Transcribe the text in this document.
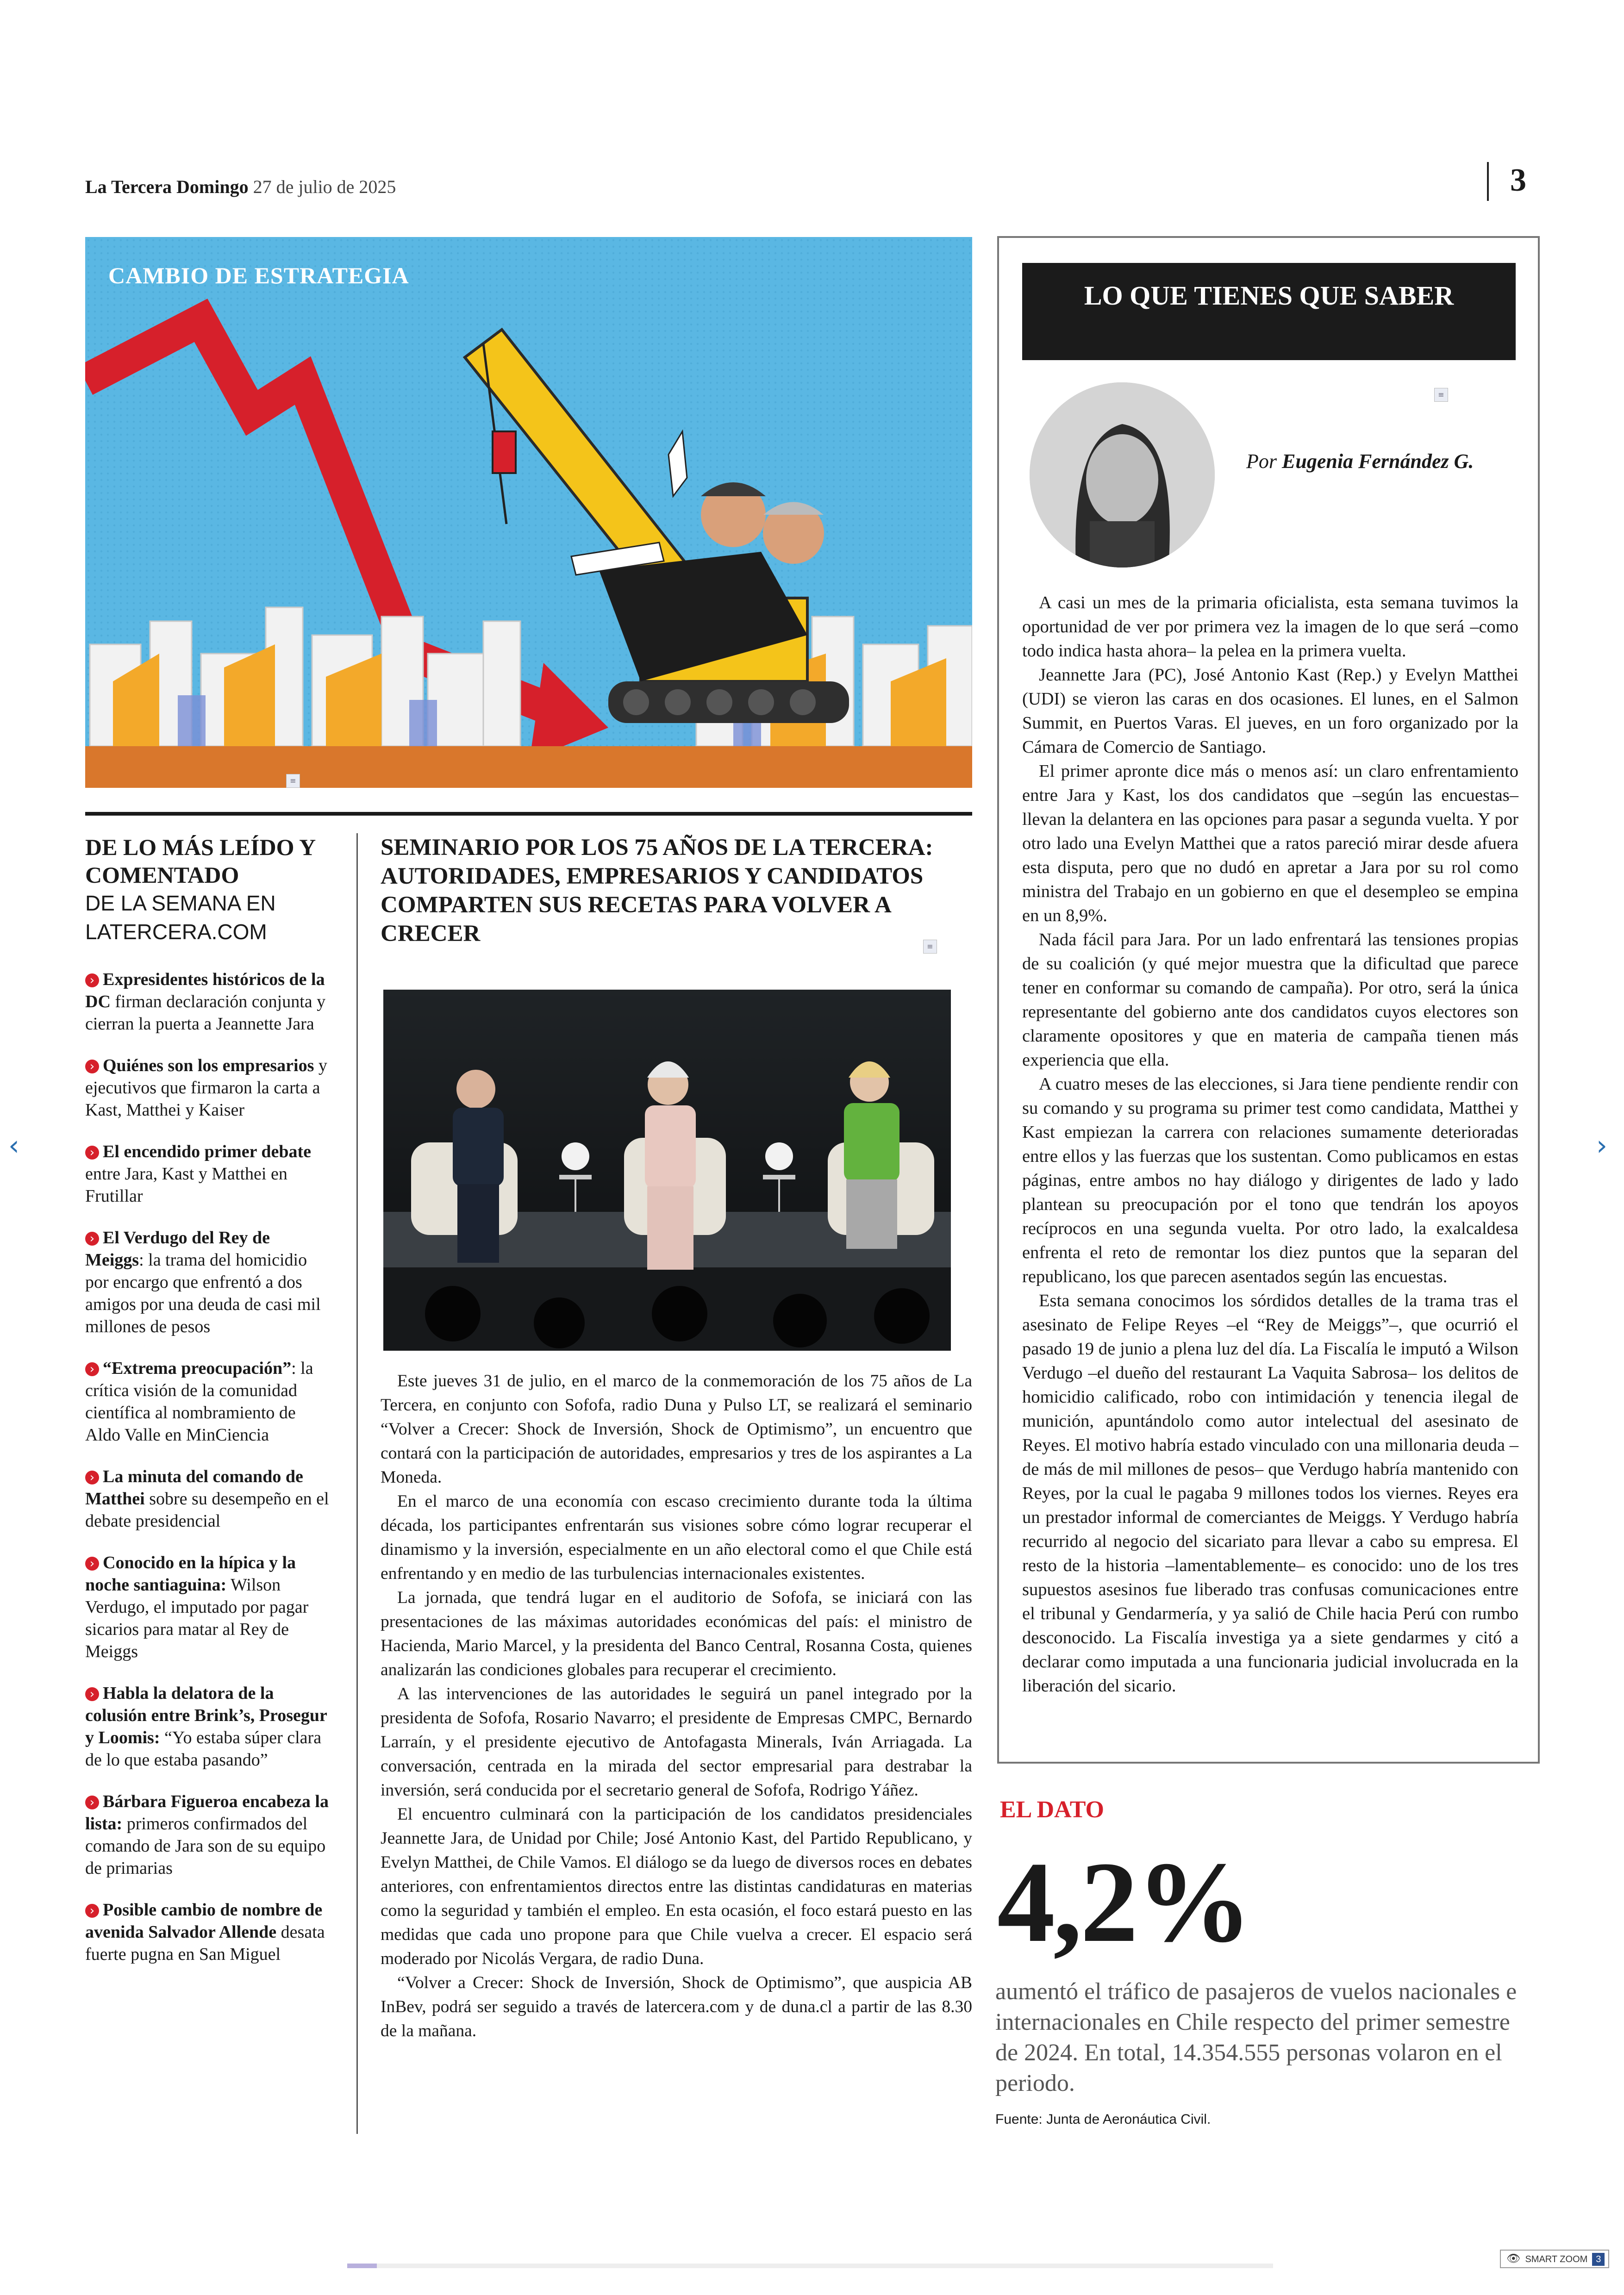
La Tercera Domingo 27 de julio de 2025	3
CAMBIO DE ESTRATEGIA
≡
DE LO MÁS LEÍDO Y COMENTADO
DE LA SEMANA EN LATERCERA.COM
› Expresidentes históricos de la DC firman declaración conjunta y cierran la puerta a Jeannette Jara
› Quiénes son los empresarios y ejecutivos que firmaron la carta a Kast, Matthei y Kaiser
› El encendido primer debate entre Jara, Kast y Matthei en Frutillar
› El Verdugo del Rey de Meiggs: la trama del homicidio por encargo que enfrentó a dos amigos por una deuda de casi mil millones de pesos
› “Extrema preocupación”: la crítica visión de la comunidad científica al nombramiento de Aldo Valle en MinCiencia
› La minuta del comando de Matthei sobre su desempeño en el debate presidencial
› Conocido en la hípica y la noche santiaguina: Wilson Verdugo, el imputado por pagar sicarios para matar al Rey de Meiggs
› Habla la delatora de la colusión entre Brink’s, Prosegur y Loomis: “Yo estaba súper clara de lo que estaba pasando”
› Bárbara Figueroa encabeza la lista: primeros confirmados del comando de Jara son de su equipo de primarias
› Posible cambio de nombre de avenida Salvador Allende desata fuerte pugna en San Miguel
SEMINARIO POR LOS 75 AÑOS DE LA TERCERA: AUTORIDADES, EMPRESARIOS Y CANDIDATOS COMPARTEN SUS RECETAS PARA VOLVER A CRECER	≡

Este jueves 31 de julio, en el marco de la conmemoración de los 75 años de La Tercera, en conjunto con Sofofa, radio Duna y Pulso LT, se realizará el seminario “Volver a Crecer: Shock de Inversión, Shock de Optimismo”, un encuentro que contará con la participación de autoridades, empresarios y tres de los aspirantes a La Moneda.

En el marco de una economía con escaso crecimiento durante toda la última década, los participantes enfrentarán sus visiones sobre cómo lograr recuperar el dinamismo y la inversión, especialmente en un año electoral como el que Chile está enfrentando y en medio de las turbulencias internacionales existentes.

La jornada, que tendrá lugar en el auditorio de Sofofa, se iniciará con las presentaciones de las máximas autoridades económicas del país: el ministro de Hacienda, Mario Marcel, y la presidenta del Banco Central, Rosanna Costa, quienes analizarán las condiciones globales para recuperar el crecimiento.

A las intervenciones de las autoridades le seguirá un panel integrado por la presidenta de Sofofa, Rosario Navarro; el presidente de Empresas CMPC, Bernardo Larraín, y el presidente ejecutivo de Antofagasta Minerals, Iván Arriagada. La conversación, centrada en la mirada del sector empresarial para destrabar la inversión, será conducida por el secretario general de Sofofa, Rodrigo Yáñez.

El encuentro culminará con la participación de los candidatos presidenciales Jeannette Jara, de Unidad por Chile; José Antonio Kast, del Partido Republicano, y Evelyn Matthei, de Chile Vamos. El diálogo se da luego de diversos roces en debates anteriores, con enfrentamientos directos entre las distintas candidaturas en materias como la seguridad y también el empleo. En esta ocasión, el foco estará puesto en las medidas que cada uno propone para que Chile vuelva a crecer. El espacio será moderado por Nicolás Vergara, de radio Duna.

“Volver a Crecer: Shock de Inversión, Shock de Optimismo”, que auspicia AB InBev, podrá ser seguido a través de latercera.com y de duna.cl a partir de las 8.30 de la mañana.

LO QUE TIENES QUE SABER
≡
Por Eugenia Fernández G.

A casi un mes de la primaria oficialista, esta semana tuvimos la oportunidad de ver por primera vez la imagen de lo que será –como todo indica hasta ahora– la pelea en la primera vuelta.

Jeannette Jara (PC), José Antonio Kast (Rep.) y Evelyn Matthei (UDI) se vieron las caras en dos ocasiones. El lunes, en el Salmon Summit, en Puertos Varas. El jueves, en un foro organizado por la Cámara de Comercio de Santiago.

El primer apronte dice más o menos así: un claro enfrentamiento entre Jara y Kast, los dos candidatos que –según las encuestas– llevan la delantera en las opciones para pasar a segunda vuelta. Y por otro lado una Evelyn Matthei que a ratos pareció mirar desde afuera esta disputa, pero que no dudó en apretar a Jara por su rol como ministra del Trabajo en un gobierno en que el desempleo se empina en un 8,9%.

Nada fácil para Jara. Por un lado enfrentará las tensiones propias de su coalición (y qué mejor muestra que la dificultad que parece tener en conformar su comando de campaña). Por otro, será la única representante del gobierno ante dos candidatos cuyos electores son claramente opositores y que en materia de campaña tienen más experiencia que ella.

A cuatro meses de las elecciones, si Jara tiene pendiente rendir con su comando y su programa su primer test como candidata, Matthei y Kast empiezan la carrera con relaciones sumamente deterioradas entre ellos y las fuerzas que los sustentan. Como publicamos en estas páginas, entre ambos no hay diálogo y dirigentes de lado y lado plantean su preocupación por el tono que tendrán los apoyos recíprocos en una segunda vuelta. Por otro lado, la exalcaldesa enfrenta el reto de remontar los diez puntos que la separan del republicano, los que parecen asentados según las encuestas.

Esta semana conocimos los sórdidos detalles de la trama tras el asesinato de Felipe Reyes –el “Rey de Meiggs”–, que ocurrió el pasado 19 de junio a plena luz del día. La Fiscalía le imputó a Wilson Verdugo –el dueño del restaurant La Vaquita Sabrosa– los delitos de homicidio calificado, robo con intimidación y tenencia ilegal de munición, apuntándolo como autor intelectual del asesinato de Reyes. El motivo habría estado vinculado con una millonaria deuda –de más de mil millones de pesos– que Verdugo habría mantenido con Reyes, por la cual le pagaba 9 millones todos los viernes. Reyes era un prestador informal de comerciantes de Meiggs. Y Verdugo habría recurrido al negocio del sicariato para llevar a cabo su empresa. El resto de la historia –lamentablemente– es conocido: uno de los tres supuestos asesinos fue liberado tras confusas comunicaciones entre el tribunal y Gendarmería, y ya salió de Chile hacia Perú con rumbo desconocido. La Fiscalía investiga ya a siete gendarmes y citó a declarar como imputada a una funcionaria judicial involucrada en la liberación del sicario.

EL DATO
4,2%
aumentó el tráfico de pasajeros de vuelos nacionales e internacionales en Chile respecto del primer semestre de 2024. En total, 14.354.555 personas volaron en el periodo.
Fuente: Junta de Aeronáutica Civil.
‹	›
👁 SMART ZOOM 3
